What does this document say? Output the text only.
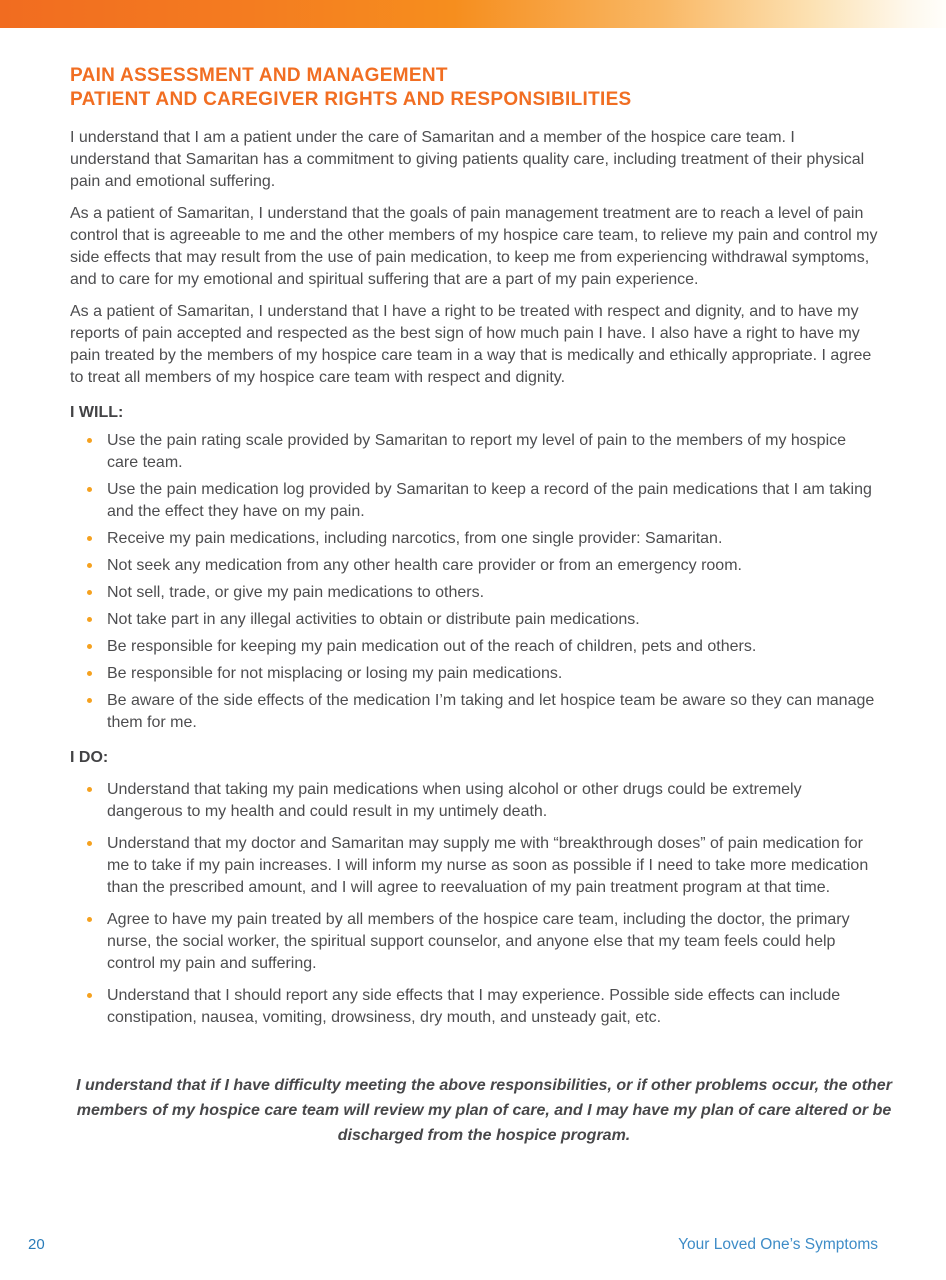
PAIN ASSESSMENT AND MANAGEMENT
PATIENT AND CAREGIVER RIGHTS AND RESPONSIBILITIES

I understand that I am a patient under the care of Samaritan and a member of the hospice care team. I understand that Samaritan has a commitment to giving patients quality care, including treatment of their physical pain and emotional suffering.

As a patient of Samaritan, I understand that the goals of pain management treatment are to reach a level of pain control that is agreeable to me and the other members of my hospice care team, to relieve my pain and control my side effects that may result from the use of pain medication, to keep me from experiencing withdrawal symptoms, and to care for my emotional and spiritual suffering that are a part of my pain experience.

As a patient of Samaritan, I understand that I have a right to be treated with respect and dignity, and to have my reports of pain accepted and respected as the best sign of how much pain I have. I also have a right to have my pain treated by the members of my hospice care team in a way that is medically and ethically appropriate. I agree to treat all members of my hospice care team with respect and dignity.

I WILL:
Use the pain rating scale provided by Samaritan to report my level of pain to the members of my hospice care team.
Use the pain medication log provided by Samaritan to keep a record of the pain medications that I am taking and the effect they have on my pain.
Receive my pain medications, including narcotics, from one single provider: Samaritan.
Not seek any medication from any other health care provider or from an emergency room.
Not sell, trade, or give my pain medications to others.
Not take part in any illegal activities to obtain or distribute pain medications.
Be responsible for keeping my pain medication out of the reach of children, pets and others.
Be responsible for not misplacing or losing my pain medications.
Be aware of the side effects of the medication I’m taking and let hospice team be aware so they can manage them for me.
I DO:
Understand that taking my pain medications when using alcohol or other drugs could be extremely dangerous to my health and could result in my untimely death.
Understand that my doctor and Samaritan may supply me with “breakthrough doses” of pain medication for me to take if my pain increases. I will inform my nurse as soon as possible if I need to take more medication than the prescribed amount, and I will agree to reevaluation of my pain treatment program at that time.
Agree to have my pain treated by all members of the hospice care team, including the doctor, the primary nurse, the social worker, the spiritual support counselor, and anyone else that my team feels could help control my pain and suffering.
Understand that I should report any side effects that I may experience. Possible side effects can include constipation, nausea, vomiting, drowsiness, dry mouth, and unsteady gait, etc.

I understand that if I have difficulty meeting the above responsibilities, or if other problems occur, the other members of my hospice care team will review my plan of care, and I may have my plan of care altered or be discharged from the hospice program.

20	Your Loved One’s Symptoms
